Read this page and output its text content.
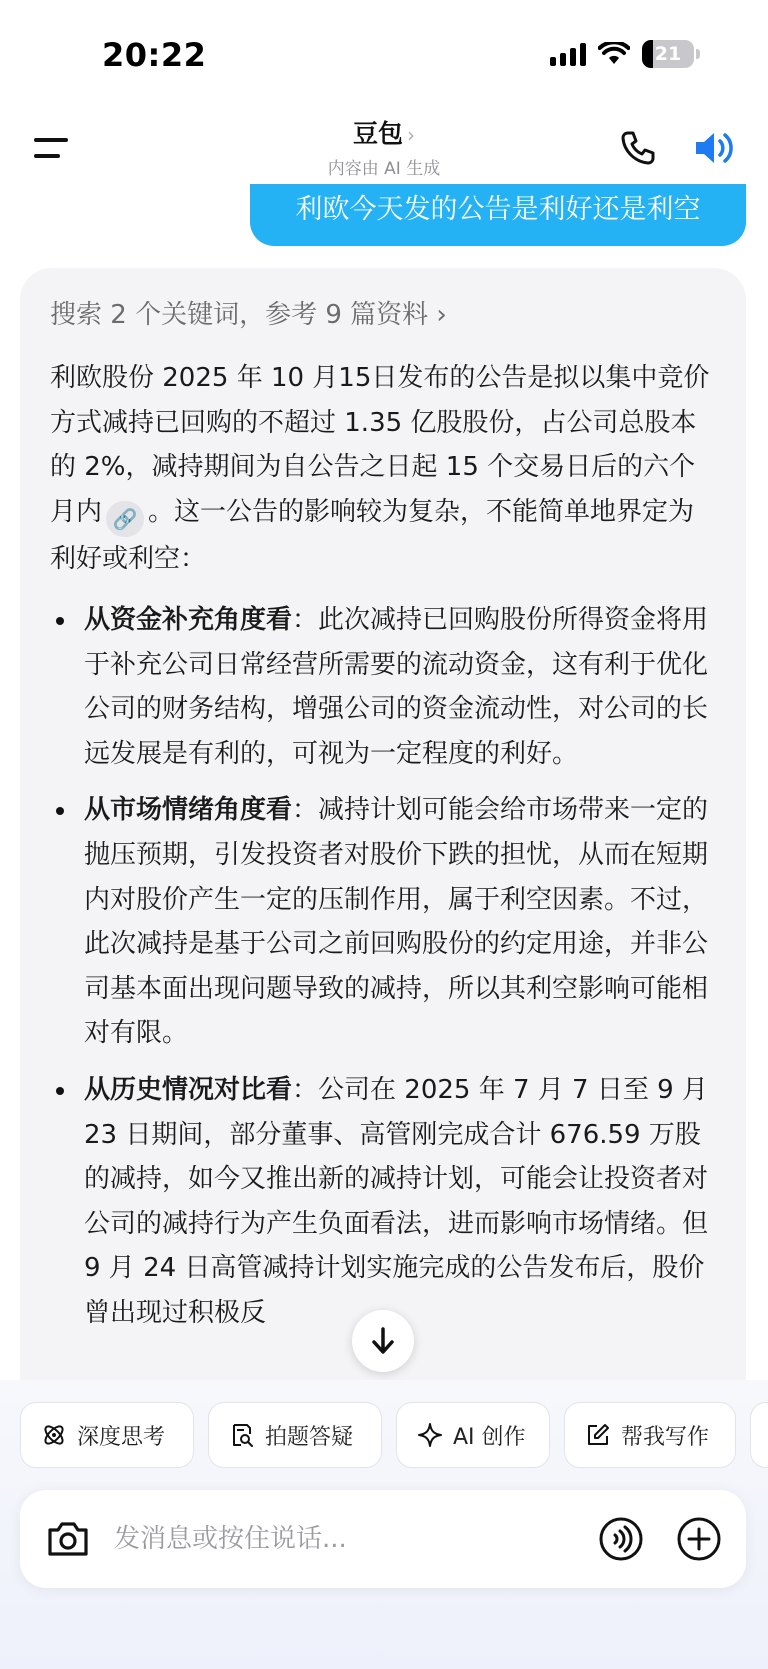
20:22	21
豆包 ›
内容由 AI 生成
利欧今天发的公告是利好还是利空
搜索 2 个关键词，参考 9 篇资料 ›
利欧股份 2025 年 10 月15日发布的公告是拟以集中竞价方式减持已回购的不超过 1.35 亿股股份，占公司总股本的 2%，减持期间为自公告之日起 15 个交易日后的六个月内 🔗 。这一公告的影响较为复杂，不能简单地界定为利好或利空：
从资金补充角度看：此次减持已回购股份所得资金将用于补充公司日常经营所需要的流动资金，这有利于优化公司的财务结构，增强公司的资金流动性，对公司的长远发展是有利的，可视为一定程度的利好。
从市场情绪角度看：减持计划可能会给市场带来一定的抛压预期，引发投资者对股价下跌的担忧，从而在短期内对股价产生一定的压制作用，属于利空因素。不过，此次减持是基于公司之前回购股份的约定用途，并非公司基本面出现问题导致的减持，所以其利空影响可能相对有限。
从历史情况对比看：公司在 2025 年 7 月 7 日至 9 月 23 日期间，部分董事、高管刚完成合计 676.59 万股的减持，如今又推出新的减持计划，可能会让投资者对公司的减持行为产生负面看法，进而影响市场情绪。但 9 月 24 日高管减持计划实施完成的公告发布后，股价曾出现过积极反
深度思考	拍题答疑	AI 创作	帮我写作
发消息或按住说话...
